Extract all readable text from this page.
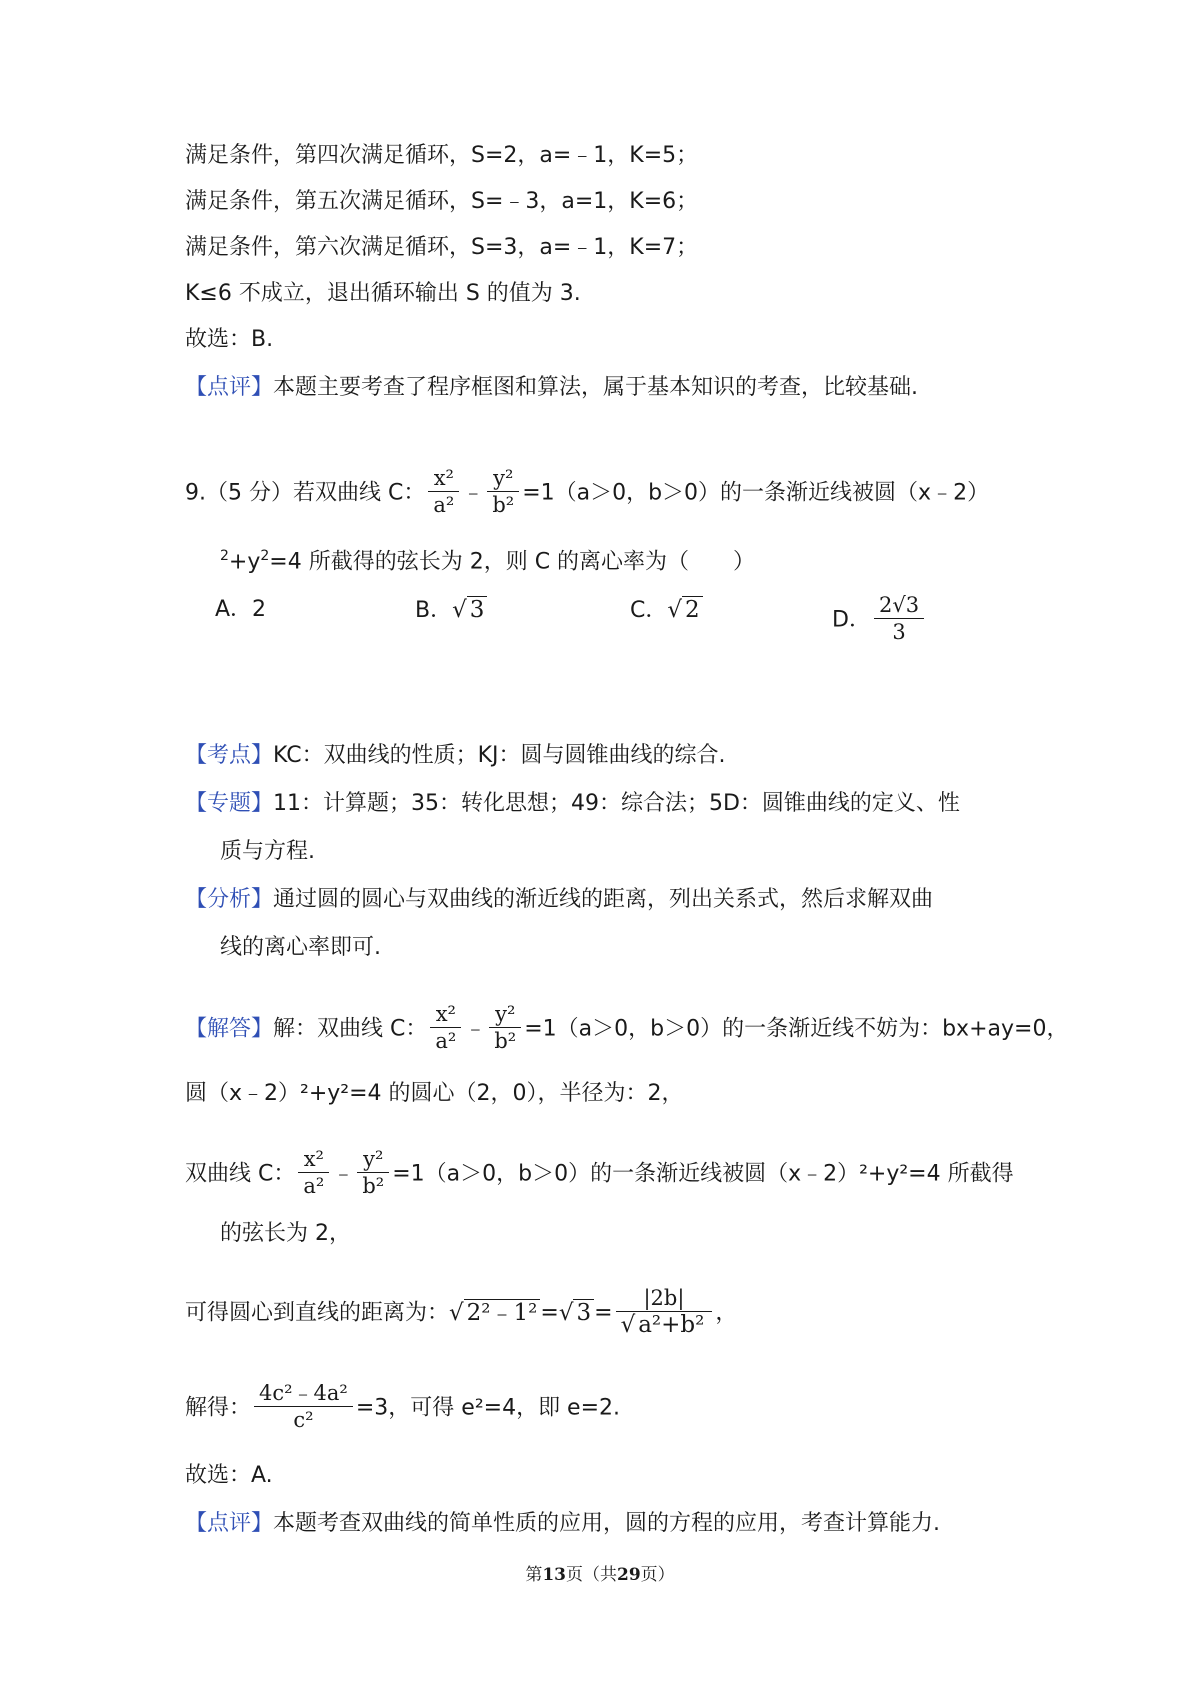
满足条件，第四次满足循环，S=2，a=﹣1，K=5；
满足条件，第五次满足循环，S=﹣3，a=1，K=6；
满足条件，第六次满足循环，S=3，a=﹣1，K=7；
K≤6 不成立，退出循环输出 S 的值为 3.
故选：B.
【点评】本题主要考查了程序框图和算法，属于基本知识的考查，比较基础.
9.（5 分）若双曲线 C： $\frac{\text{x²}}{\text{a²}}$ ﹣ $\frac{\text{y²}}{\text{b²}} =1(a>0$，b＞0）的一条渐近线被圆（x﹣2）
$^2+y^2=4$ 所截得的弦长为 2，则 C 的离心率为（　　）
A．2	B．√ 3	C．√ 2	D． $\frac{2√3}{3}$
【考点】KC：双曲线的性质；KJ：圆与圆锥曲线的综合.
【专题】11：计算题；35：转化思想；49：综合法；5D：圆锥曲线的定义、性
质与方程.
【分析】通过圆的圆心与双曲线的渐近线的距离，列出关系式，然后求解双曲
线的离心率即可.
【解答】解：双曲线 C： $\frac{\text{x²}}{\text{a²}}$ ﹣ $\frac{\text{y²}}{\text{b²}} =1(a>0$，b＞0）的一条渐近线不妨为：bx+ay=0，
圆（x﹣2）²+y²=4 的圆心（2，0），半径为：2，
双曲线 C： $\frac{\text{x²}}{\text{a²}}$ ﹣ $\frac{\text{y²}}{\text{b²}} =1(a>0$，b＞0）的一条渐近线被圆（x﹣2）²+y²=4 所截得
的弦长为 2，
可得圆心到直线的距离为：√ 2²﹣1² =√ $3 = \frac{|2b|}{\text{√ a²+b²}}$ ，
解得： $\frac{\text{4c²﹣4a²}}{\text{c²}} =3$，可得 e²=4，即 e=2.
故选：A.
【点评】本题考查双曲线的简单性质的应用，圆的方程的应用，考查计算能力.
第13页（共29页）
